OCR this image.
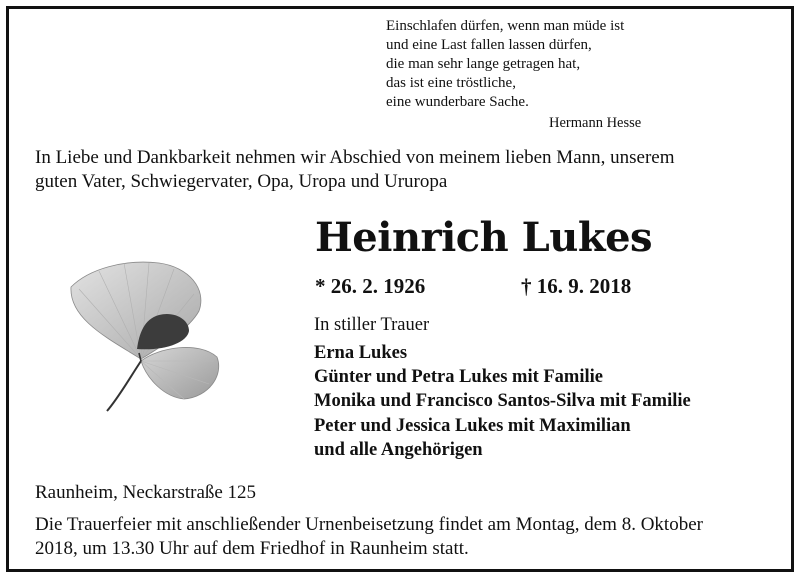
Einschlafen dürfen, wenn man müde ist
und eine Last fallen lassen dürfen,
die man sehr lange getragen hat,
das ist eine tröstliche,
eine wunderbare Sache.
Hermann Hesse
In Liebe und Dankbarkeit nehmen wir Abschied von meinem lieben Mann, unserem
guten Vater, Schwiegervater, Opa, Uropa und Ururopa
Heinrich Lukes
* 26. 2. 1926	† 16. 9. 2018
In stiller Trauer
Erna Lukes
Günter und Petra Lukes mit Familie
Monika und Francisco Santos-Silva mit Familie
Peter und Jessica Lukes mit Maximilian
und alle Angehörigen
Raunheim, Neckarstraße 125
Die Trauerfeier mit anschließender Urnenbeisetzung findet am Montag, dem 8. Oktober
2018, um 13.30 Uhr auf dem Friedhof in Raunheim statt.
